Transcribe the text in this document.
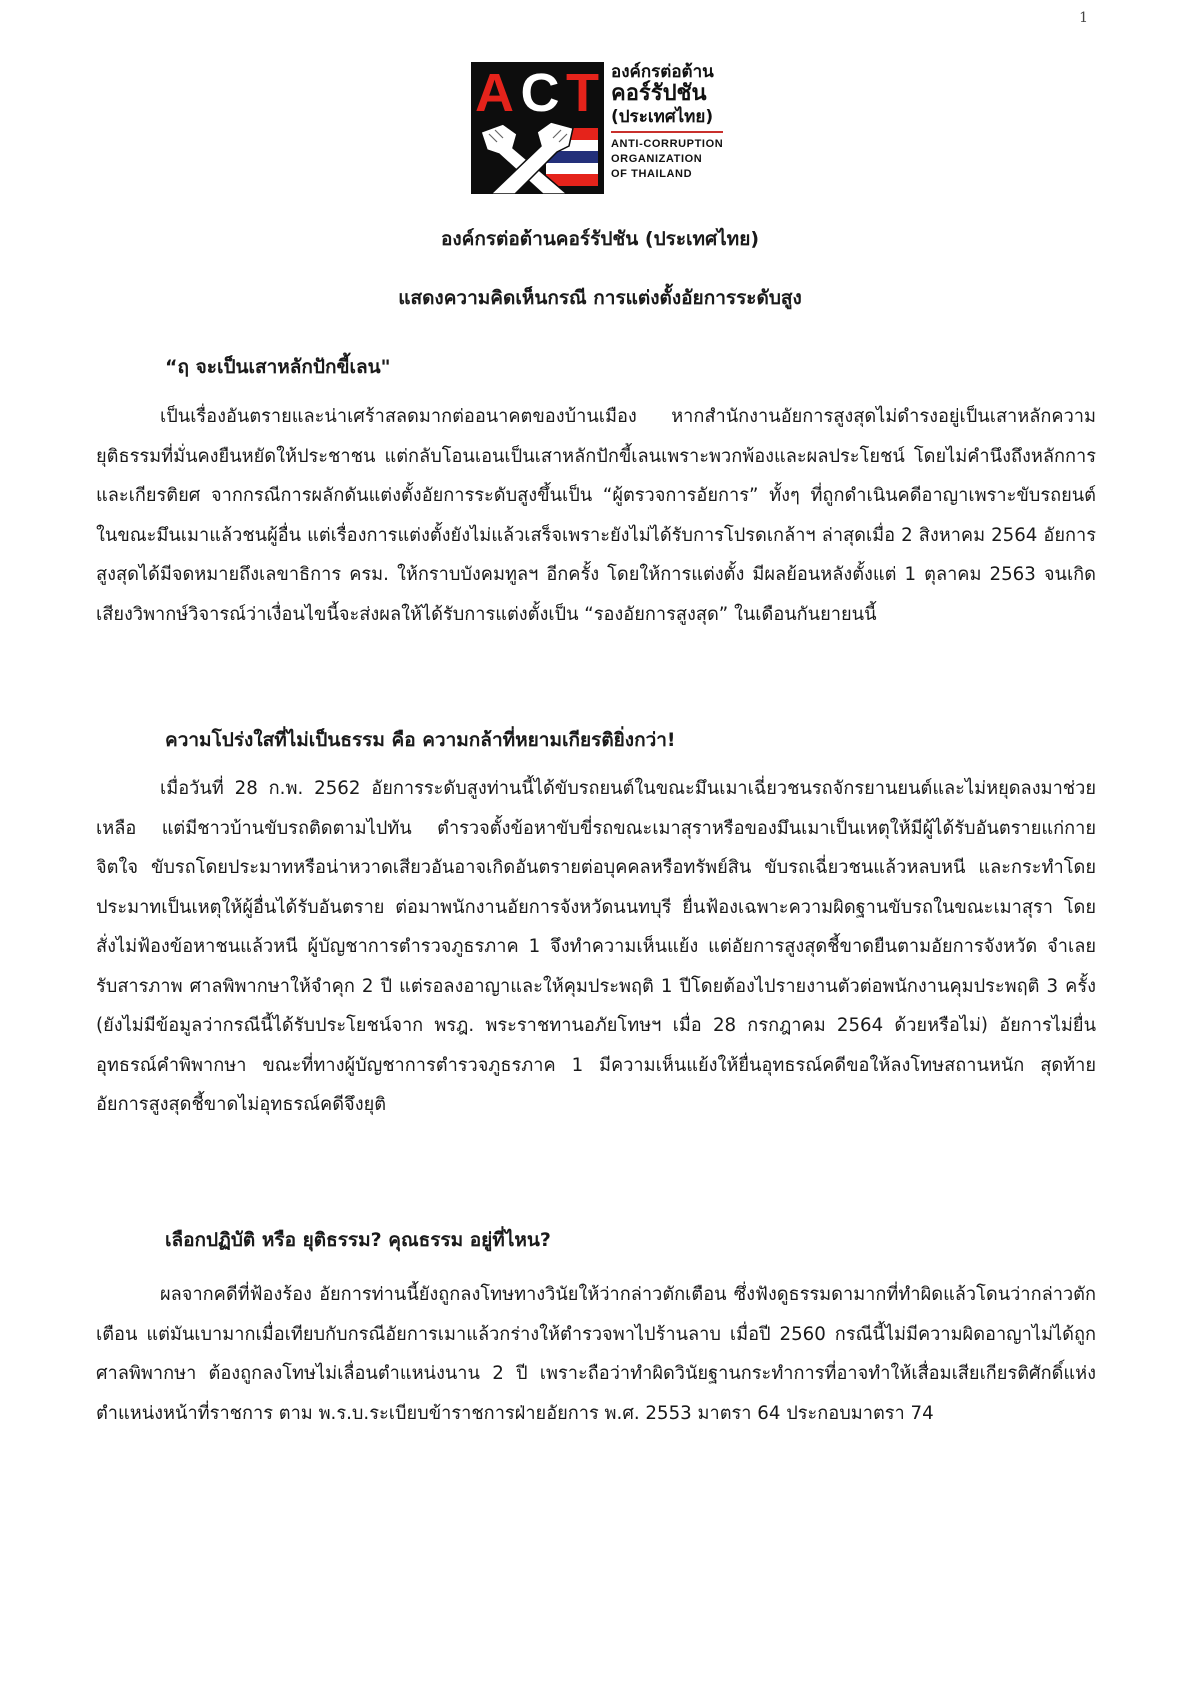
1
A C T องค์กรต่อต้าน
คอร์รัปชัน
(ประเทศไทย)
ANTI-CORRUPTION
ORGANIZATION
OF THAILAND
องค์กรต่อต้านคอร์รัปชัน (ประเทศไทย)
แสดงความคิดเห็นกรณี การแต่งตั้งอัยการระดับสูง
“ฤ จะเป็นเสาหลักปักขี้เลน"

เป็นเรื่องอันตรายและน่าเศร้าสลดมากต่ออนาคตของบ้านเมือง หากสำนักงานอัยการสูงสุดไม่ดำรงอยู่เป็นเสาหลักความยุติธรรมที่มั่นคงยืนหยัดให้ประชาชน แต่กลับโอนเอนเป็นเสาหลักปักขี้เลนเพราะพวกพ้องและผลประโยชน์ โดยไม่คำนึงถึงหลักการและเกียรติยศ จากกรณีการผลักดันแต่งตั้งอัยการระดับสูงขึ้นเป็น “ผู้ตรวจการอัยการ” ทั้งๆ ที่ถูกดำเนินคดีอาญาเพราะขับรถยนต์ในขณะมึนเมาแล้วชนผู้อื่น แต่เรื่องการแต่งตั้งยังไม่แล้วเสร็จเพราะยังไม่ได้รับการโปรดเกล้าฯ ล่าสุดเมื่อ 2 สิงหาคม 2564 อัยการสูงสุดได้มีจดหมายถึงเลขาธิการ ครม. ให้กราบบังคมทูลฯ อีกครั้ง โดยให้การแต่งตั้ง มีผลย้อนหลังตั้งแต่ 1 ตุลาคม 2563 จนเกิดเสียงวิพากษ์วิจารณ์ว่าเงื่อนไขนี้จะส่งผลให้ได้รับการแต่งตั้งเป็น “รองอัยการสูงสุด” ในเดือนกันยายนนี้

ความโปร่งใสที่ไม่เป็นธรรม คือ ความกล้าที่หยามเกียรติยิ่งกว่า!

เมื่อวันที่ 28 ก.พ. 2562 อัยการระดับสูงท่านนี้ได้ขับรถยนต์ในขณะมึนเมาเฉี่ยวชนรถจักรยานยนต์และไม่หยุดลงมาช่วยเหลือ แต่มีชาวบ้านขับรถติดตามไปทัน ตำรวจตั้งข้อหาขับขี่รถขณะเมาสุราหรือของมึนเมาเป็นเหตุให้มีผู้ได้รับอันตรายแก่กายจิตใจ ขับรถโดยประมาทหรือน่าหวาดเสียวอันอาจเกิดอันตรายต่อบุคคลหรือทรัพย์สิน ขับรถเฉี่ยวชนแล้วหลบหนี และกระทำโดยประมาทเป็นเหตุให้ผู้อื่นได้รับอันตราย ต่อมาพนักงานอัยการจังหวัดนนทบุรี ยื่นฟ้องเฉพาะความผิดฐานขับรถในขณะเมาสุรา โดยสั่งไม่ฟ้องข้อหาชนแล้วหนี ผู้บัญชาการตำรวจภูธรภาค 1 จึงทำความเห็นแย้ง แต่อัยการสูงสุดชี้ขาดยืนตามอัยการจังหวัด จำเลยรับสารภาพ ศาลพิพากษาให้จำคุก 2 ปี แต่รอลงอาญาและให้คุมประพฤติ 1 ปีโดยต้องไปรายงานตัวต่อพนักงานคุมประพฤติ 3 ครั้ง (ยังไม่มีข้อมูลว่ากรณีนี้ได้รับประโยชน์จาก พรฎ. พระราชทานอภัยโทษฯ เมื่อ 28 กรกฎาคม 2564 ด้วยหรือไม่) อัยการไม่ยื่นอุทธรณ์คำพิพากษา ขณะที่ทางผู้บัญชาการตำรวจภูธรภาค 1 มีความเห็นแย้งให้ยื่นอุทธรณ์คดีขอให้ลงโทษสถานหนัก สุดท้ายอัยการสูงสุดชี้ขาดไม่อุทธรณ์คดีจึงยุติ

เลือกปฏิบัติ หรือ ยุติธรรม? คุณธรรม อยู่ที่ไหน?

ผลจากคดีที่ฟ้องร้อง อัยการท่านนี้ยังถูกลงโทษทางวินัยให้ว่ากล่าวตักเตือน ซึ่งฟังดูธรรมดามากที่ทำผิดแล้วโดนว่ากล่าวตักเตือน แต่มันเบามากเมื่อเทียบกับกรณีอัยการเมาแล้วกร่างให้ตำรวจพาไปร้านลาบ เมื่อปี 2560 กรณีนี้ไม่มีความผิดอาญาไม่ได้ถูกศาลพิพากษา ต้องถูกลงโทษไม่เลื่อนตำแหน่งนาน 2 ปี เพราะถือว่าทำผิดวินัยฐานกระทำการที่อาจทำให้เสื่อมเสียเกียรติศักดิ์แห่งตำแหน่งหน้าที่ราชการ ตาม พ.ร.บ.ระเบียบข้าราชการฝ่ายอัยการ พ.ศ. 2553 มาตรา 64 ประกอบมาตรา 74
